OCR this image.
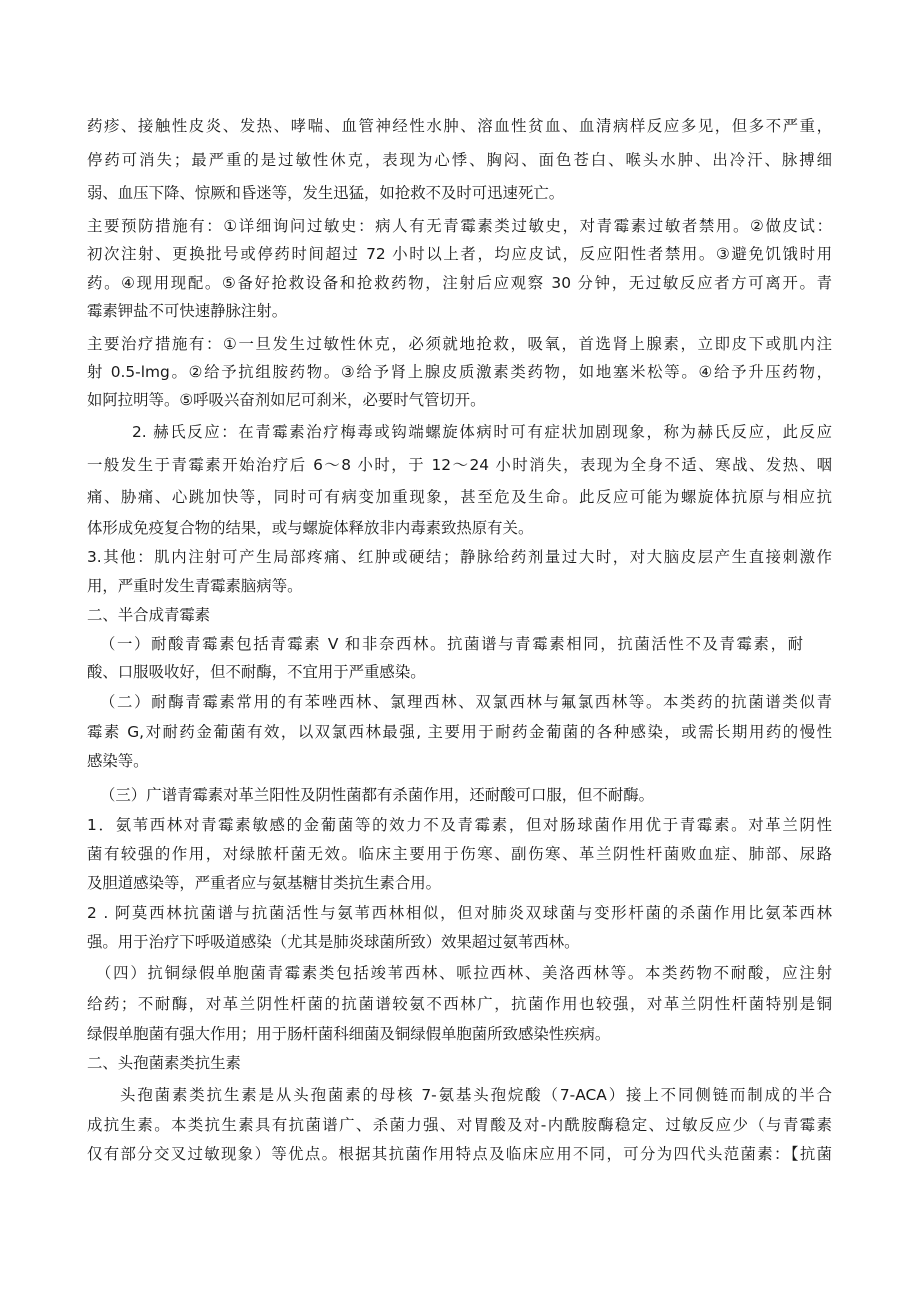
药疹、接触性皮炎、发热、哮喘、血管神经性水肿、溶血性贫血、血清病样反应多见，但多不严重，
停药可消失；最严重的是过敏性休克，表现为心悸、胸闷、面色苍白、喉头水肿、出冷汗、脉搏细
弱、血压下降、惊厥和昏迷等，发生迅猛，如抢救不及时可迅速死亡。
主要预防措施有：①详细询问过敏史：病人有无青霉素类过敏史，对青霉素过敏者禁用。②做皮试：
初次注射、更换批号或停药时间超过 72 小时以上者，均应皮试，反应阳性者禁用。③避免饥饿时用
药。④现用现配。⑤备好抢救设备和抢救药物，注射后应观察 30 分钟，无过敏反应者方可离开。青
霉素钾盐不可快速静脉注射。
主要治疗措施有：①一旦发生过敏性休克，必须就地抢救，吸氧，首选肾上腺素，立即皮下或肌内注
射 0.5-lmg。②给予抗组胺药物。③给予肾上腺皮质激素类药物，如地塞米松等。④给予升压药物，
如阿拉明等。⑤呼吸兴奋剂如尼可刹米，必要时气管切开。
2. 赫氏反应：在青霉素治疗梅毒或钩端螺旋体病时可有症状加剧现象，称为赫氏反应，此反应
一般发生于青霉素开始治疗后 6～8 小时，于 12～24 小时消失，表现为全身不适、寒战、发热、咽
痛、胁痛、心跳加快等，同时可有病变加重现象，甚至危及生命。此反应可能为螺旋体抗原与相应抗
体形成免疫复合物的结果，或与螺旋体释放非内毒素致热原有关。
3.其他：肌内注射可产生局部疼痛、红肿或硬结；静脉给药剂量过大时，对大脑皮层产生直接刺激作
用，严重时发生青霉素脑病等。
二、半合成青霉素
（一）耐酸青霉素包括青霉素 V 和非奈西林。抗菌谱与青霉素相同，抗菌活性不及青霉素，耐
酸、口服吸收好，但不耐酶，不宜用于严重感染。
（二）耐酶青霉素常用的有苯唑西林、氯理西林、双氯西林与氟氯西林等。本类药的抗菌谱类似青
霉素 G,对耐药金葡菌有效，以双氯西林最强, 主要用于耐药金葡菌的各种感染，或需长期用药的慢性
感染等。
（三）广谱青霉素对革兰阳性及阴性菌都有杀菌作用，还耐酸可口服，但不耐酶。
1．氨苇西林对青霉素敏感的金葡菌等的效力不及青霉素，但对肠球菌作用优于青霉素。对革兰阴性
菌有较强的作用，对绿脓杆菌无效。临床主要用于伤寒、副伤寒、革兰阴性杆菌败血症、肺部、尿路
及胆道感染等，严重者应与氨基糖甘类抗生素合用。
2 . 阿莫西林抗菌谱与抗菌活性与氨苇西林相似，但对肺炎双球菌与变形杆菌的杀菌作用比氨苯西林
强。用于治疗下呼吸道感染（尤其是肺炎球菌所致）效果超过氨苇西林。
（四）抗铜绿假单胞菌青霉素类包括竣苇西林、哌拉西林、美洛西林等。本类药物不耐酸，应注射
给药；不耐酶，对革兰阴性杆菌的抗菌谱较氨不西林广，抗菌作用也较强，对革兰阴性杆菌特别是铜
绿假单胞菌有强大作用；用于肠杆菌科细菌及铜绿假单胞菌所致感染性疾病。
二、头孢菌素类抗生素
头孢菌素类抗生素是从头孢菌素的母核 7-氨基头孢烷酸（7-ACA）接上不同侧链而制成的半合
成抗生素。本类抗生素具有抗菌谱广、杀菌力强、对胃酸及对-内酰胺酶稳定、过敏反应少（与青霉素
仅有部分交叉过敏现象）等优点。根据其抗菌作用特点及临床应用不同，可分为四代头范菌素：【抗菌
